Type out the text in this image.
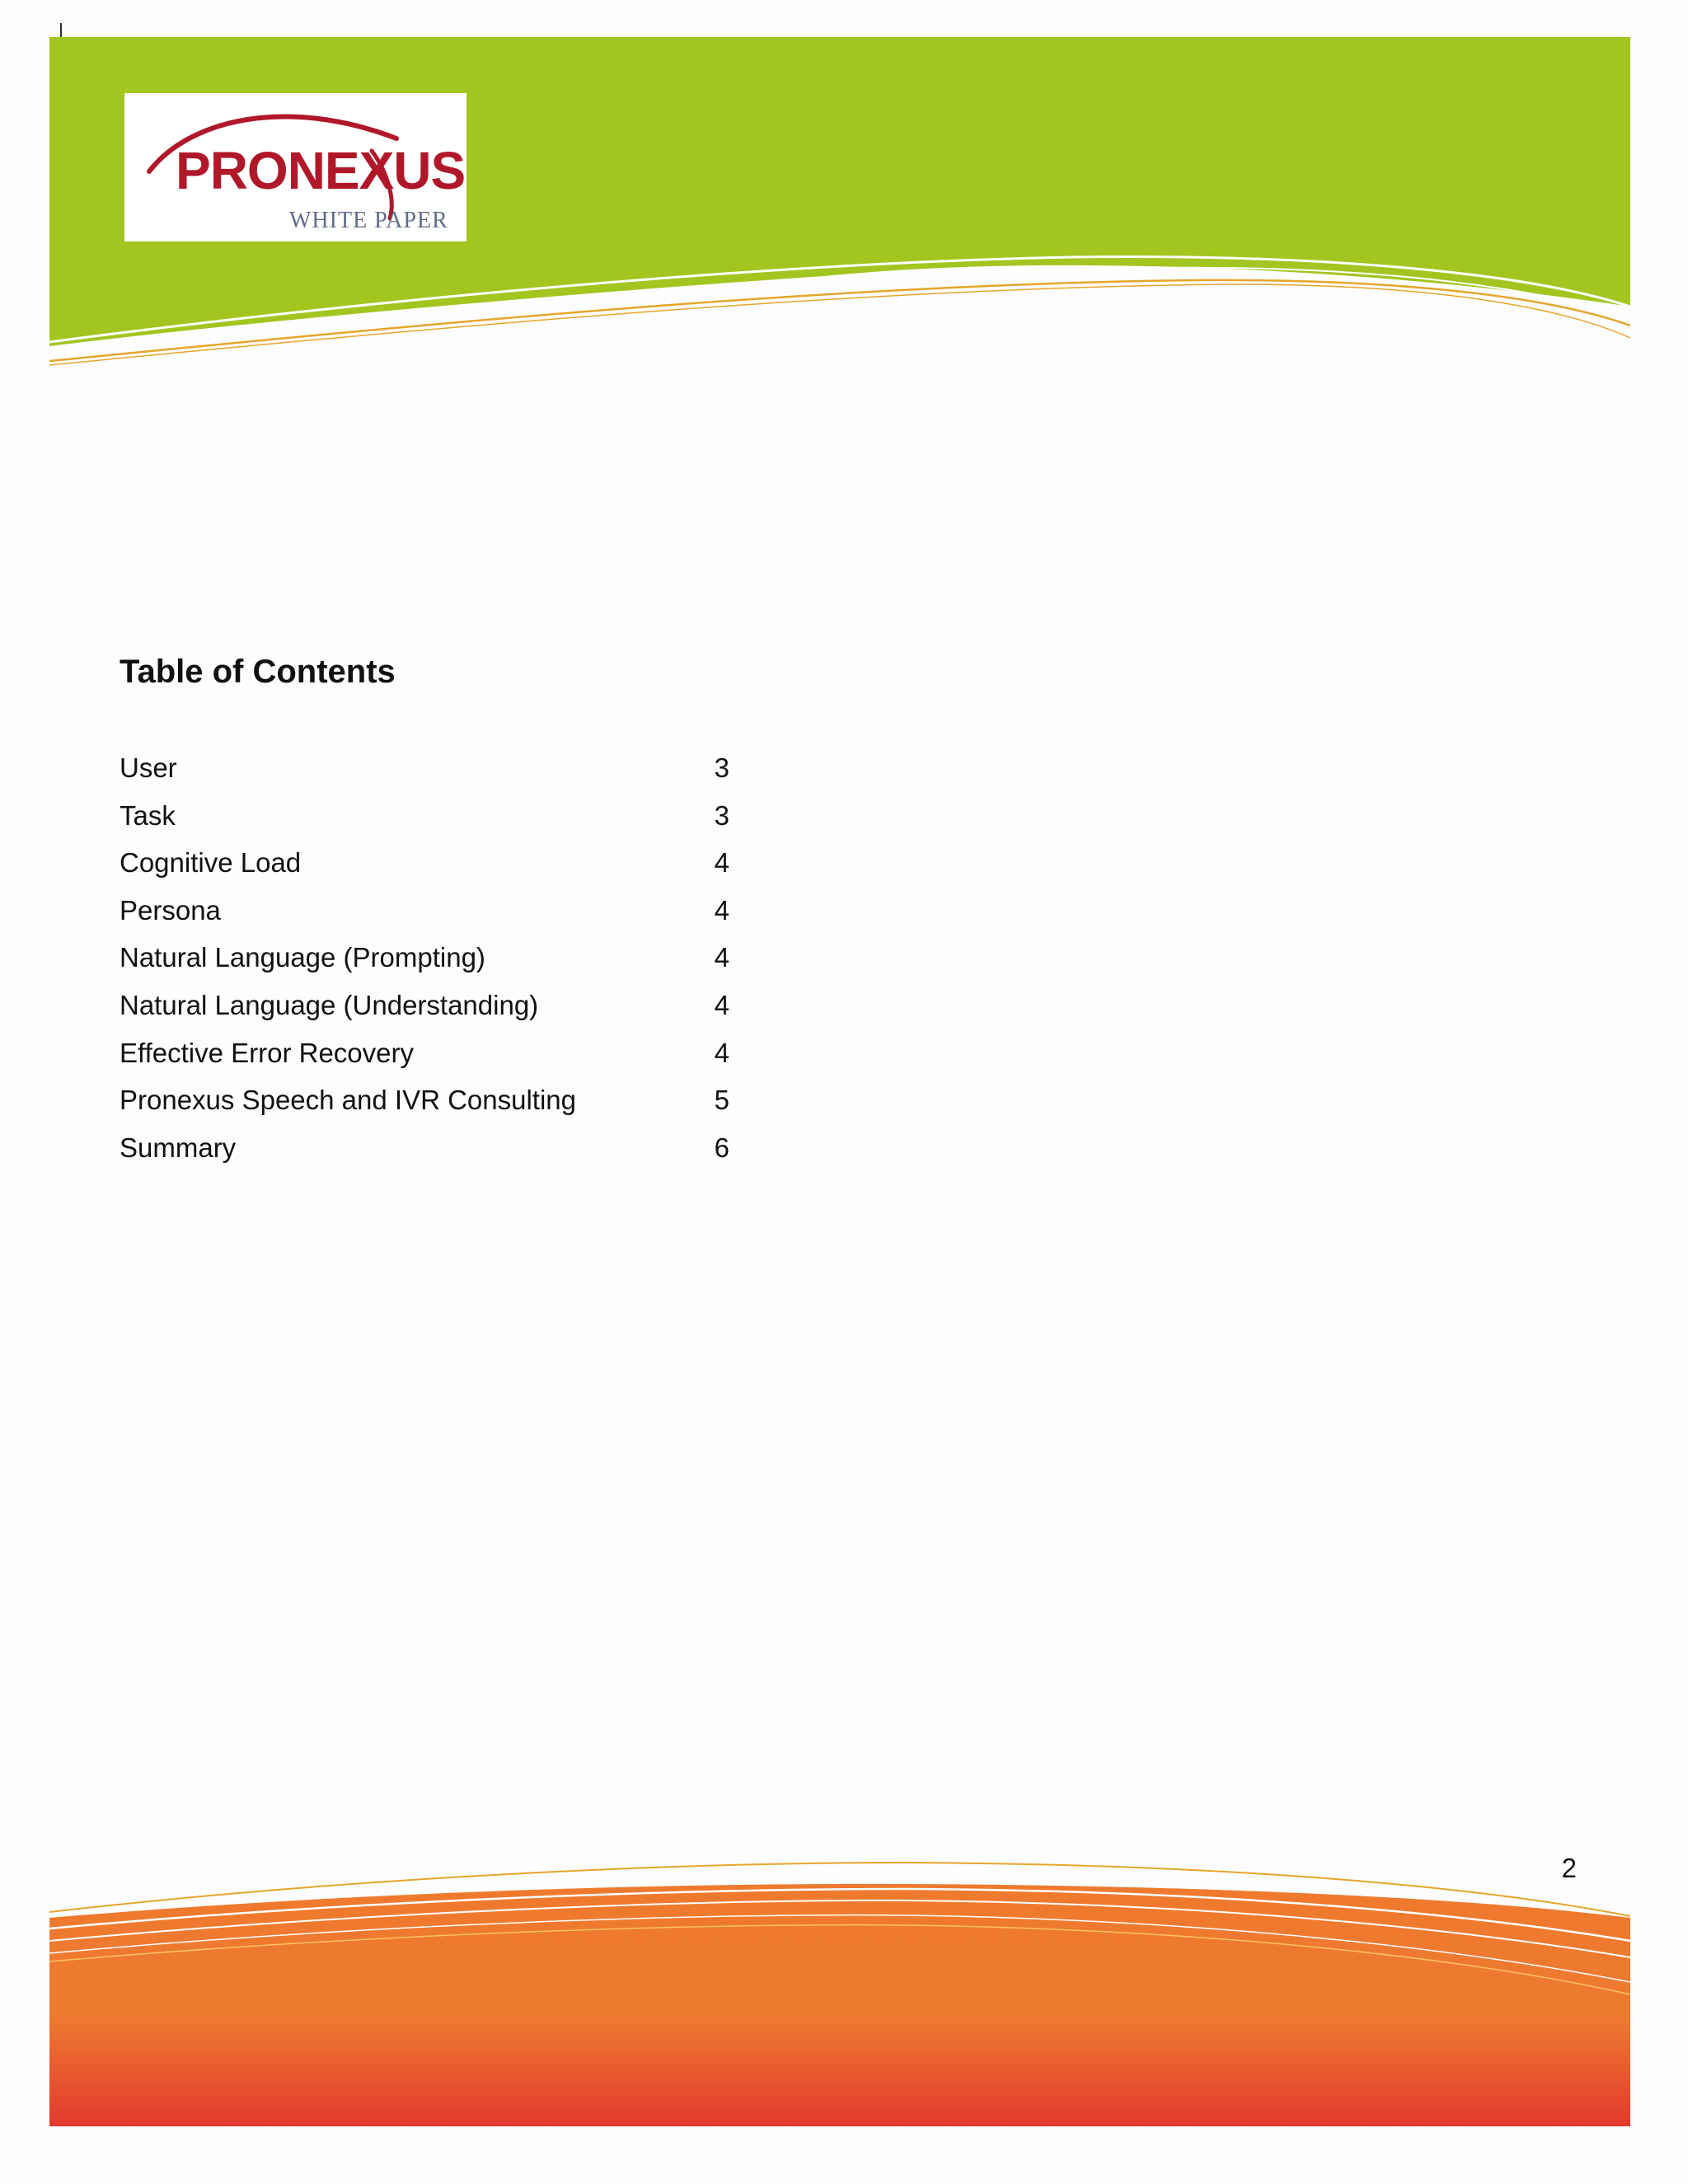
PRONEXUS
WHITE PAPER
Table of Contents
User	3
Task	3
Cognitive Load	4
Persona	4
Natural Language (Prompting)	4
Natural Language (Understanding)	4
Effective Error Recovery	4
Pronexus Speech and IVR Consulting	5
Summary	6
2
